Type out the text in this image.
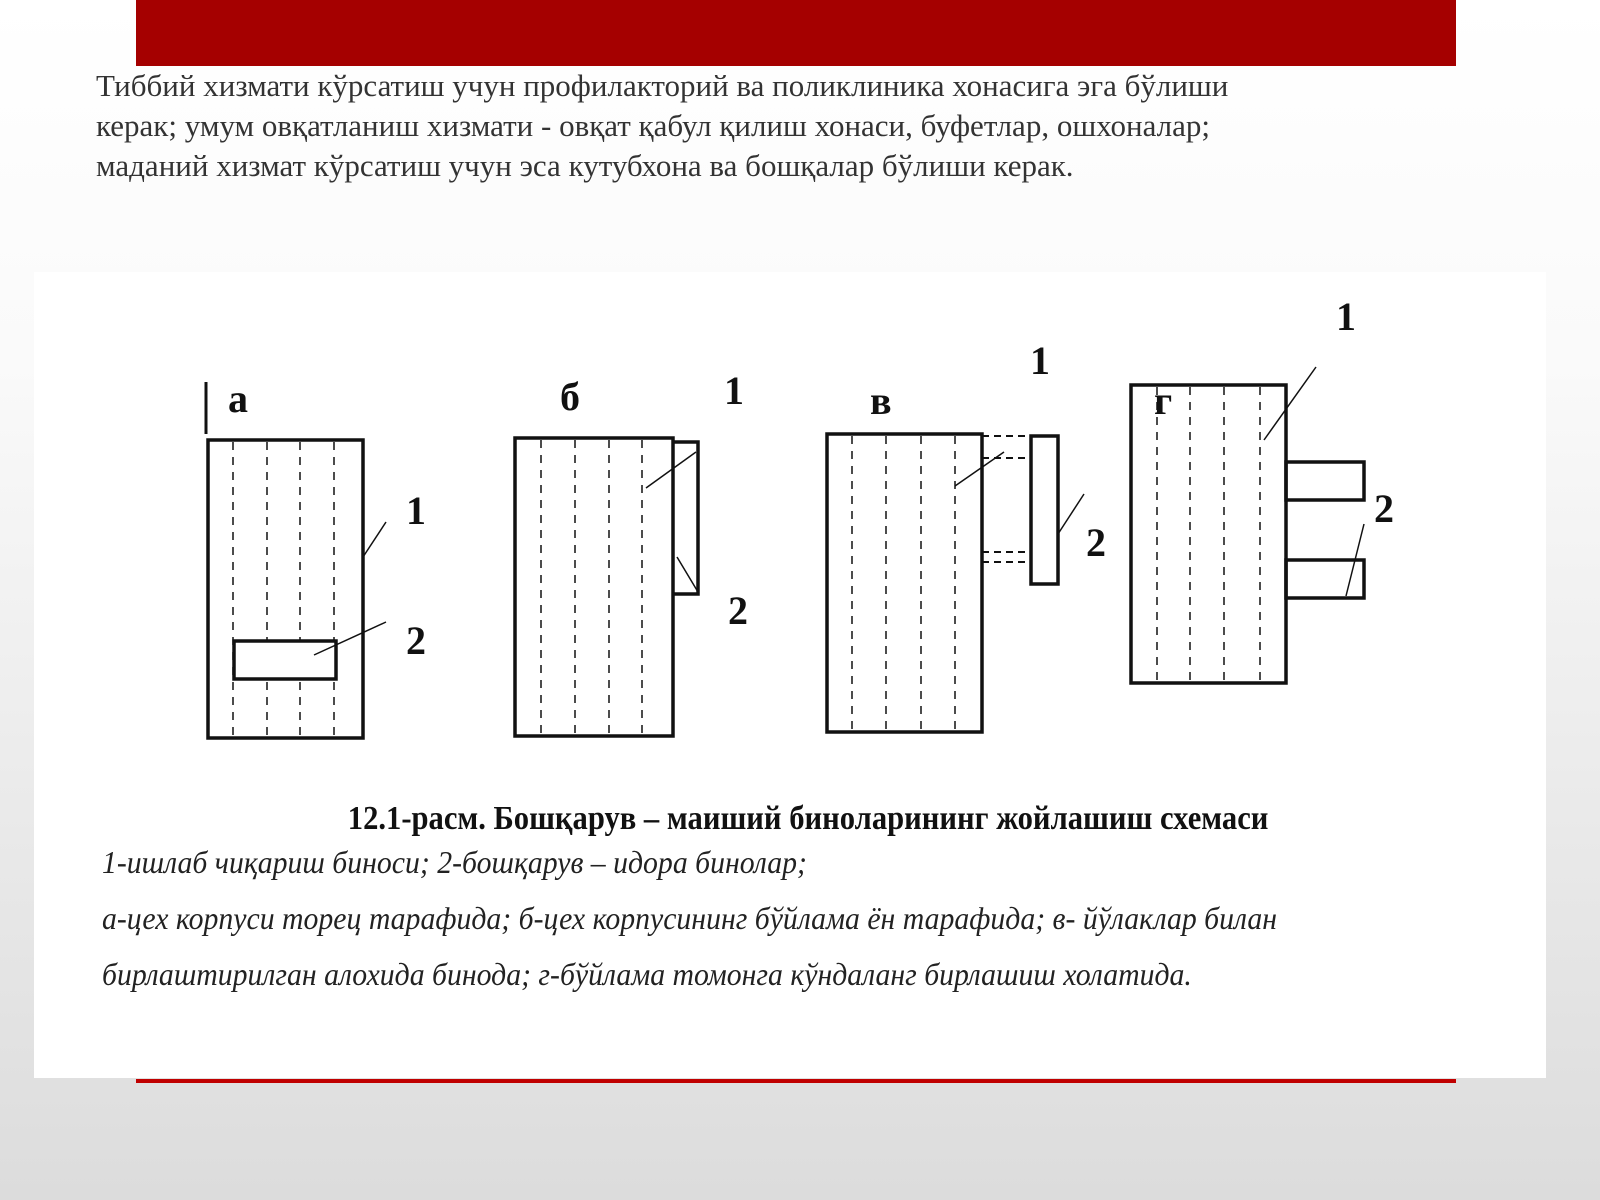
Тиббий хизмати кўрсатиш учун профилакторий ва поликлиника хонасига эга бўлиши
керак; умум овқатланиш хизмати - овқат қабул қилиш хонаси, буфетлар, ошхоналар;
маданий хизмат кўрсатиш учун эса кутубхона ва бошқалар бўлиши керак.
а	б	в	г
1
2
1
2
1
2
1
2
12.1-расм. Бошқарув – маиший биноларининг жойлашиш схемаси
1-ишлаб чиқариш биноси; 2-бошқарув – идора бинолар;
а-цех корпуси торец тарафида; б-цех корпусининг бўйлама ён тарафида; в- йўлаклар билан
бирлаштирилган алохида бинода; г-бўйлама томонга кўндаланг бирлашиш холатида.
